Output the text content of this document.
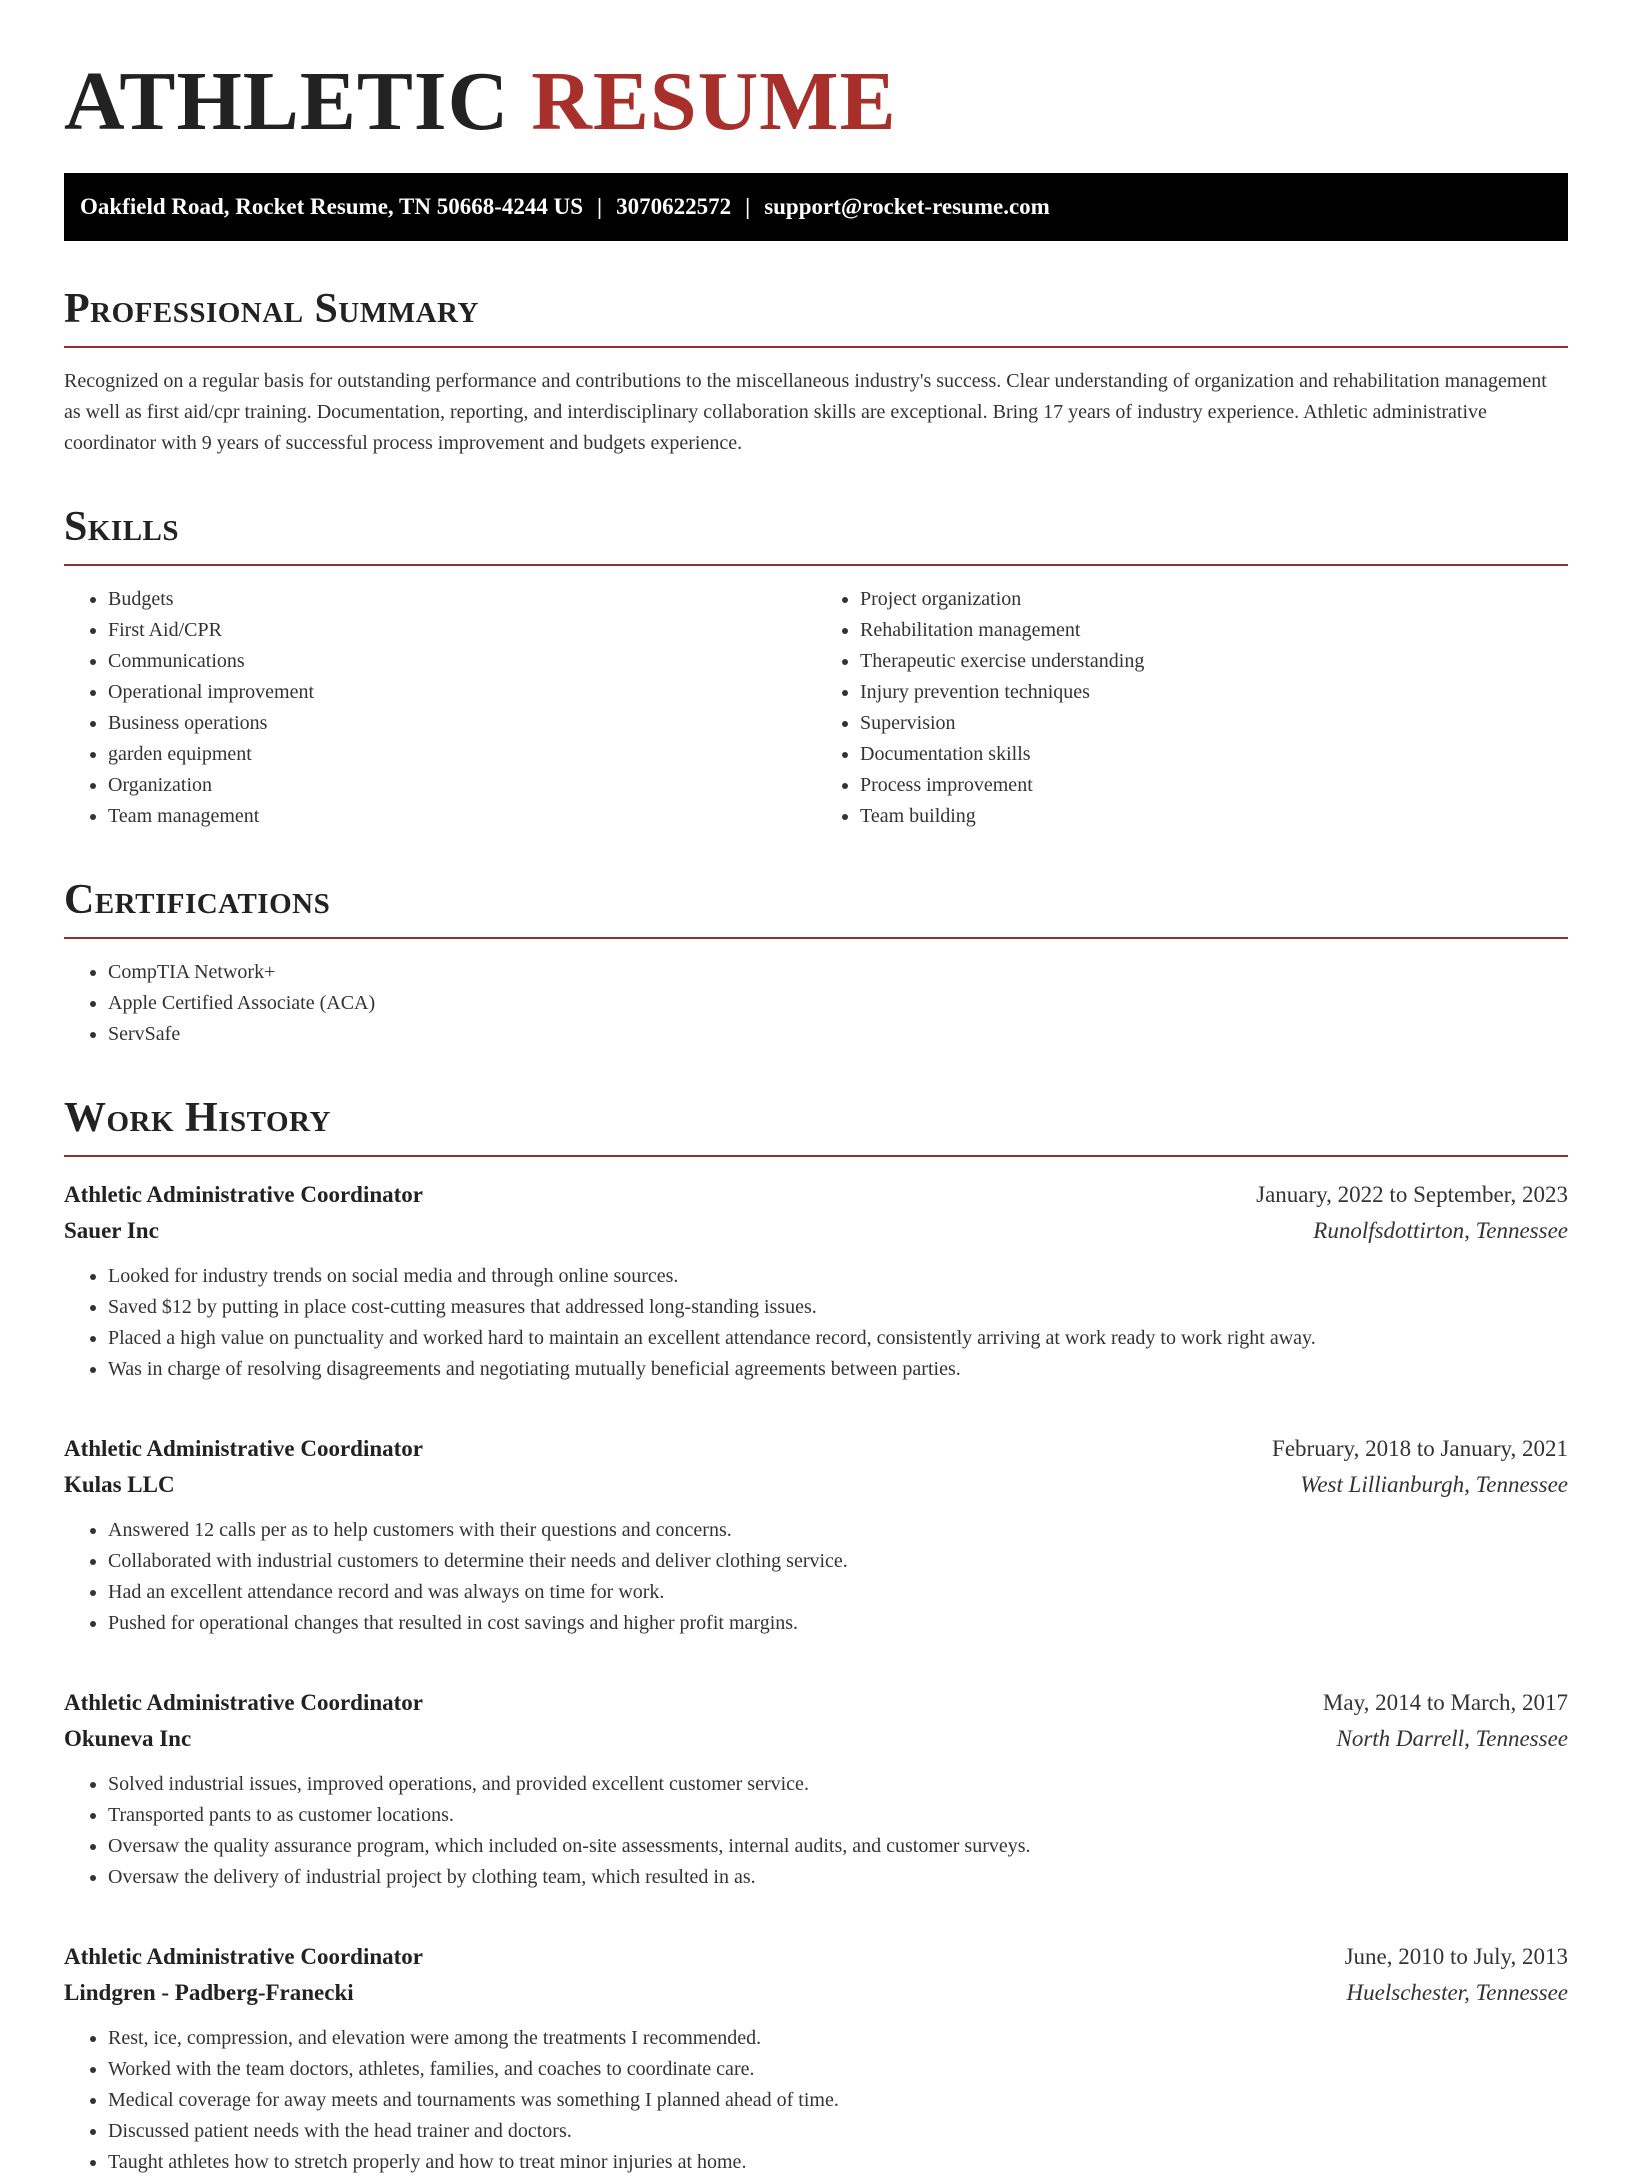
ATHLETIC RESUME
Oakfield Road, Rocket Resume, TN 50668-4244 US | 3070622572 | support@rocket-resume.com
Professional Summary

Recognized on a regular basis for outstanding performance and contributions to the miscellaneous industry's success. Clear understanding of organization and rehabilitation management as well as first aid/cpr training. Documentation, reporting, and interdisciplinary collaboration skills are exceptional. Bring 17 years of industry experience. Athletic administrative coordinator with 9 years of successful process improvement and budgets experience.

Skills
• Budgets
• First Aid/CPR
• Communications
• Operational improvement
• Business operations
• garden equipment
• Organization
• Team management
• Project organization
• Rehabilitation management
• Therapeutic exercise understanding
• Injury prevention techniques
• Supervision
• Documentation skills
• Process improvement
• Team building
Certifications
• CompTIA Network+
• Apple Certified Associate (ACA)
• ServSafe
Work History
Athletic Administrative Coordinator	January, 2022 to September, 2023
Sauer Inc	Runolfsdottirton, Tennessee
• Looked for industry trends on social media and through online sources.
• Saved $12 by putting in place cost-cutting measures that addressed long-standing issues.
• Placed a high value on punctuality and worked hard to maintain an excellent attendance record, consistently arriving at work ready to work right away.
• Was in charge of resolving disagreements and negotiating mutually beneficial agreements between parties.
Athletic Administrative Coordinator	February, 2018 to January, 2021
Kulas LLC	West Lillianburgh, Tennessee
• Answered 12 calls per as to help customers with their questions and concerns.
• Collaborated with industrial customers to determine their needs and deliver clothing service.
• Had an excellent attendance record and was always on time for work.
• Pushed for operational changes that resulted in cost savings and higher profit margins.
Athletic Administrative Coordinator	May, 2014 to March, 2017
Okuneva Inc	North Darrell, Tennessee
• Solved industrial issues, improved operations, and provided excellent customer service.
• Transported pants to as customer locations.
• Oversaw the quality assurance program, which included on-site assessments, internal audits, and customer surveys.
• Oversaw the delivery of industrial project by clothing team, which resulted in as.
Athletic Administrative Coordinator	June, 2010 to July, 2013
Lindgren - Padberg-Franecki	Huelschester, Tennessee
• Rest, ice, compression, and elevation were among the treatments I recommended.
• Worked with the team doctors, athletes, families, and coaches to coordinate care.
• Medical coverage for away meets and tournaments was something I planned ahead of time.
• Discussed patient needs with the head trainer and doctors.
• Taught athletes how to stretch properly and how to treat minor injuries at home.
